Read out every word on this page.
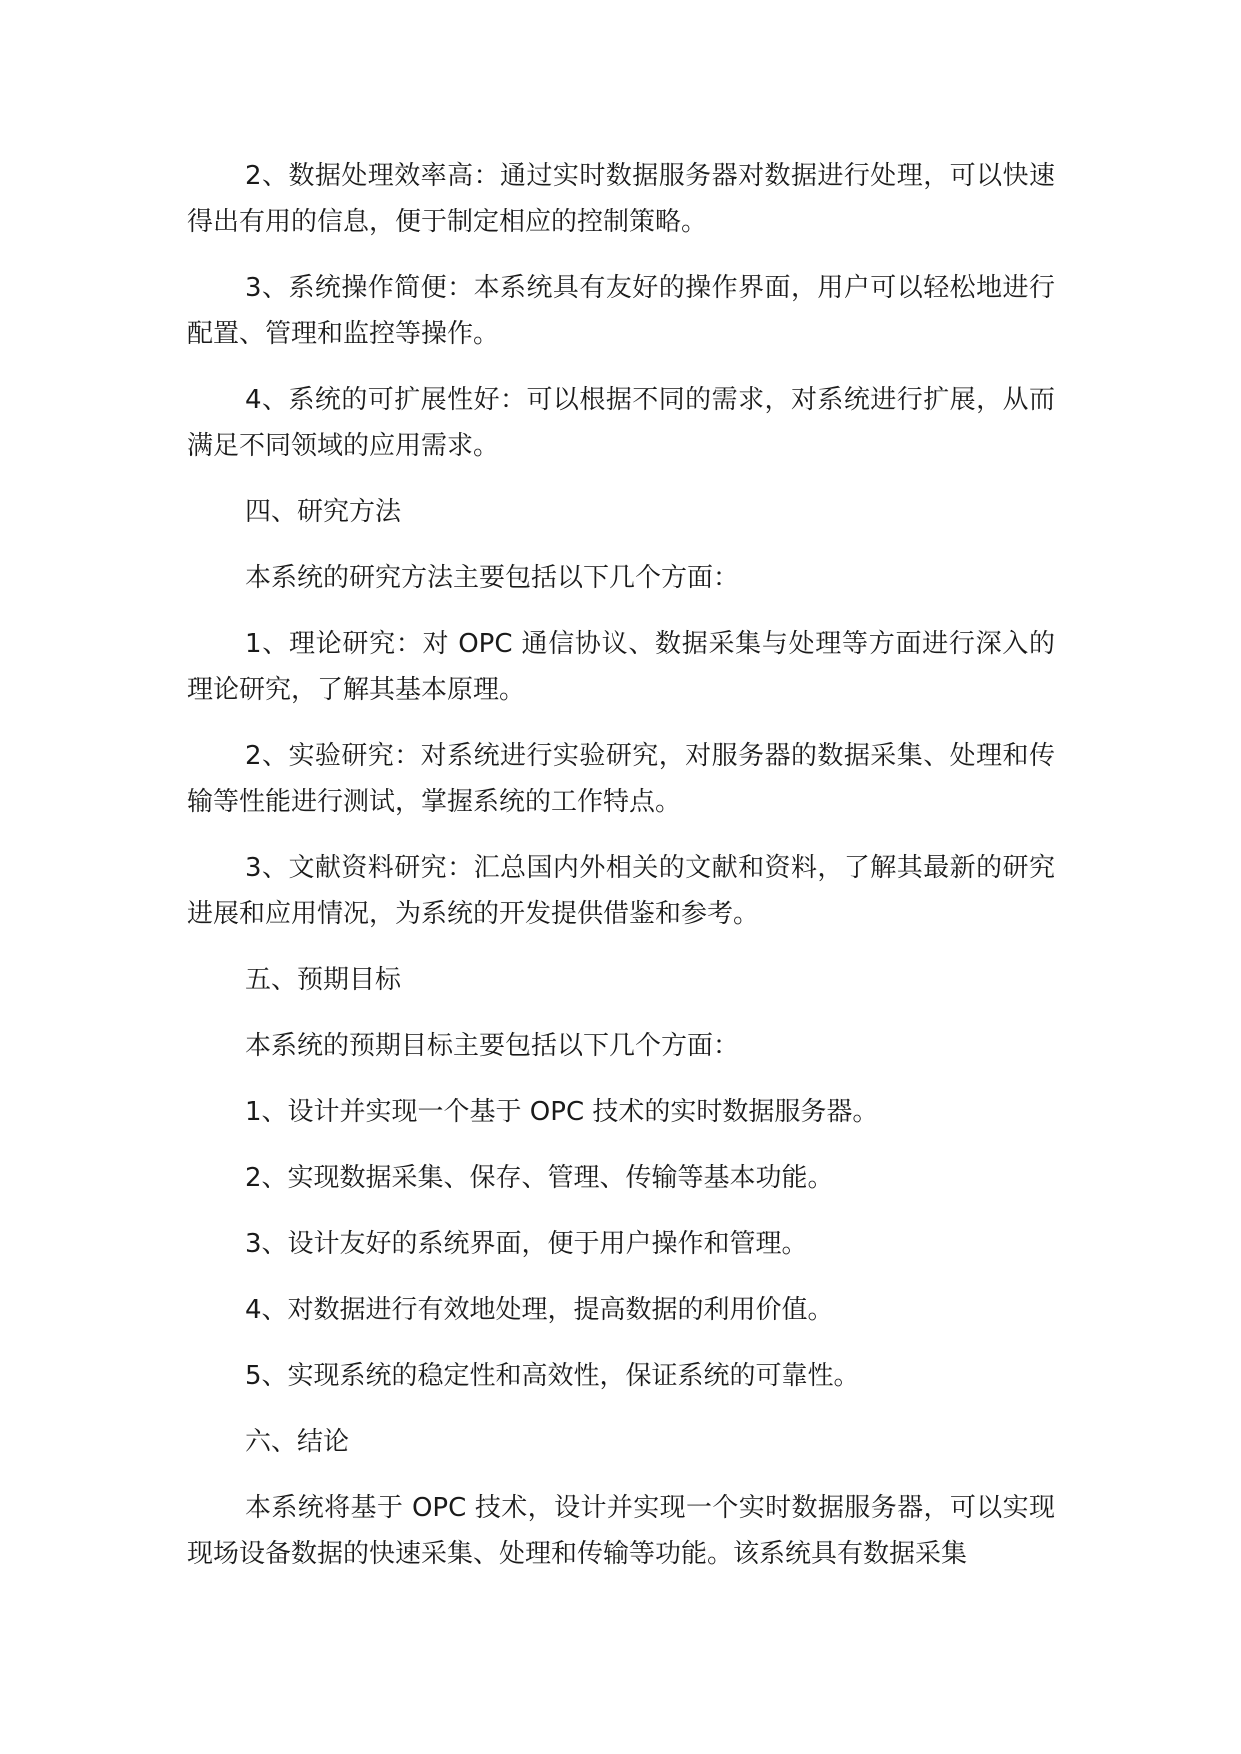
2、数据处理效率高：通过实时数据服务器对数据进行处理，可以快速得出有用的信息，便于制定相应的控制策略。

3、系统操作简便：本系统具有友好的操作界面，用户可以轻松地进行配置、管理和监控等操作。

4、系统的可扩展性好：可以根据不同的需求，对系统进行扩展，从而满足不同领域的应用需求。

四、研究方法

本系统的研究方法主要包括以下几个方面：

1、理论研究：对 OPC 通信协议、数据采集与处理等方面进行深入的理论研究，了解其基本原理。

2、实验研究：对系统进行实验研究，对服务器的数据采集、处理和传输等性能进行测试，掌握系统的工作特点。

3、文献资料研究：汇总国内外相关的文献和资料，了解其最新的研究进展和应用情况，为系统的开发提供借鉴和参考。

五、预期目标

本系统的预期目标主要包括以下几个方面：

1、设计并实现一个基于 OPC 技术的实时数据服务器。

2、实现数据采集、保存、管理、传输等基本功能。

3、设计友好的系统界面，便于用户操作和管理。

4、对数据进行有效地处理，提高数据的利用价值。

5、实现系统的稳定性和高效性，保证系统的可靠性。

六、结论

本系统将基于 OPC 技术，设计并实现一个实时数据服务器，可以实现现场设备数据的快速采集、处理和传输等功能。该系统具有数据采集
